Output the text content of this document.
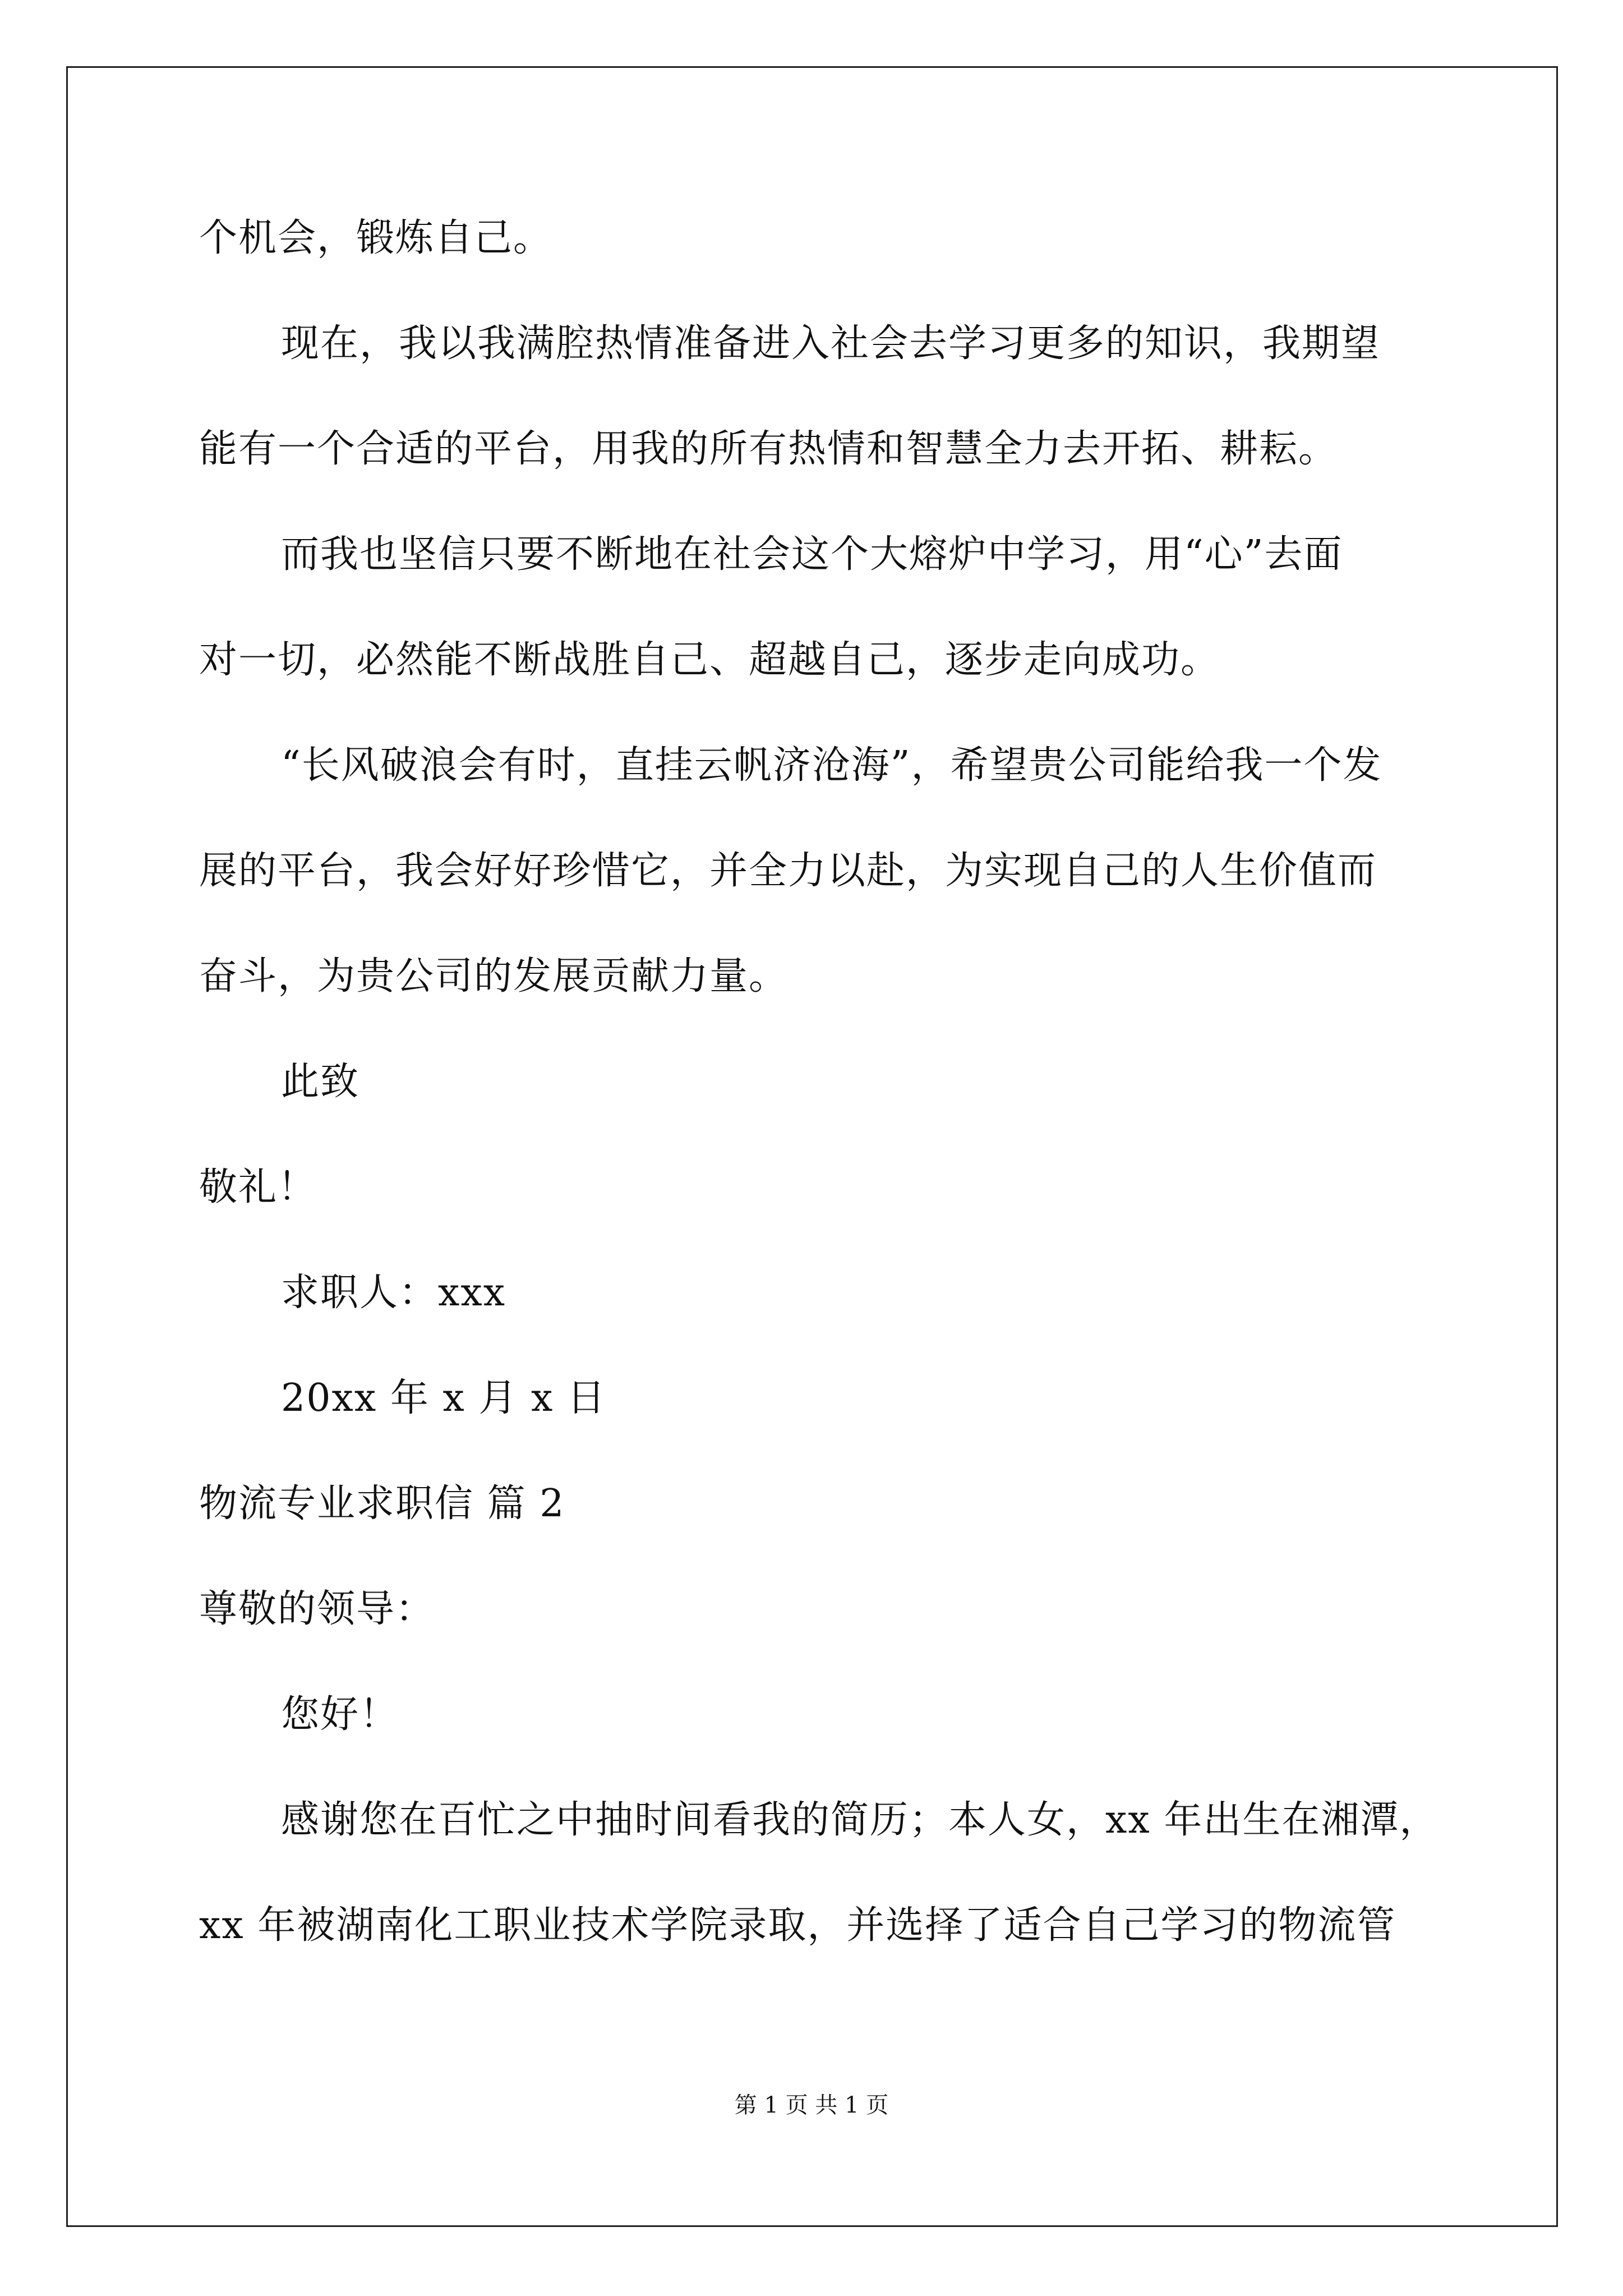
个机会，锻炼自己。
现在，我以我满腔热情准备进入社会去学习更多的知识，我期望
能有一个合适的平台，用我的所有热情和智慧全力去开拓、耕耘。
而我也坚信只要不断地在社会这个大熔炉中学习，用“心”去面
对一切，必然能不断战胜自己、超越自己，逐步走向成功。
“长风破浪会有时，直挂云帆济沧海”，希望贵公司能给我一个发
展的平台，我会好好珍惜它，并全力以赴，为实现自己的人生价值而
奋斗，为贵公司的发展贡献力量。
此致
敬礼！
求职人：xxx
20xx 年 x 月 x 日
物流专业求职信 篇 2
尊敬的领导：
您好！
感谢您在百忙之中抽时间看我的简历；本人女，xx 年出生在湘潭，
xx 年被湖南化工职业技术学院录取，并选择了适合自己学习的物流管
第 1 页 共 1 页
